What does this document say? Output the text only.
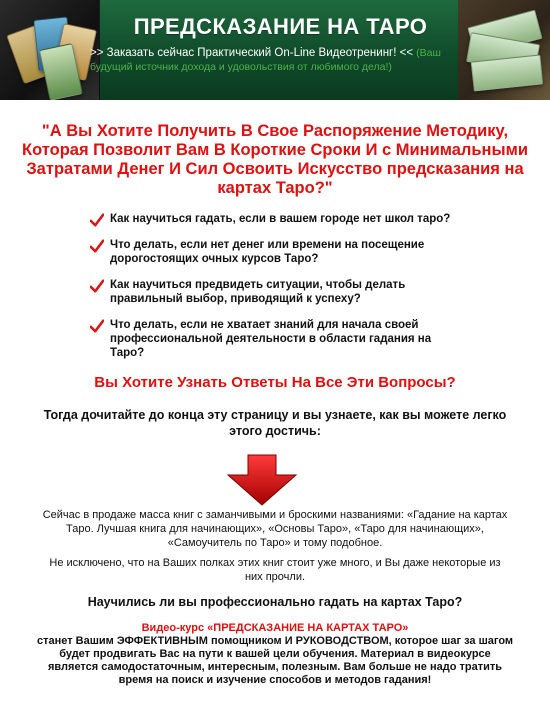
ПРЕДСКАЗАНИЕ НА ТАРО
>> Заказать сейчас Практический On-Line Видеотренинг! << (Ваш будущий источник дохода и удовольствия от любимого дела!)
"А Вы Хотите Получить В Свое Распоряжение Методику, Которая Позволит Вам В Короткие Сроки И с Минимальными Затратами Денег И Сил Освоить Искусство предсказания на картах Таро?"
Как научиться гадать, если в вашем городе нет школ таро?
Что делать, если нет денег или времени на посещение дорогостоящих очных курсов Таро?
Как научиться предвидеть ситуации, чтобы делать правильный выбор, приводящий к успеху?
Что делать, если не хватает знаний для начала своей профессиональной деятельности в области гадания на Таро?
Вы Хотите Узнать Ответы На Все Эти Вопросы?
Тогда дочитайте до конца эту страницу и вы узнаете, как вы можете легко этого достичь:
Сейчас в продаже масса книг с заманчивыми и броскими названиями: «Гадание на картах Таро. Лучшая книга для начинающих», «Основы Таро», «Таро для начинающих», «Самоучитель по Таро» и тому подобное.
Не исключено, что на Ваших полках этих книг стоит уже много, и Вы даже некоторые из них прочли.
Научились ли вы профессионально гадать на картах Таро?
Видео-курс «ПРЕДСКАЗАНИЕ НА КАРТАХ ТАРО»
станет Вашим ЭФФЕКТИВНЫМ помощником И РУКОВОДСТВОМ, которое шаг за шагом будет продвигать Вас на пути к вашей цели обучения. Материал в видеокурсе является самодостаточным, интересным, полезным. Вам больше не надо тратить время на поиск и изучение способов и методов гадания!
